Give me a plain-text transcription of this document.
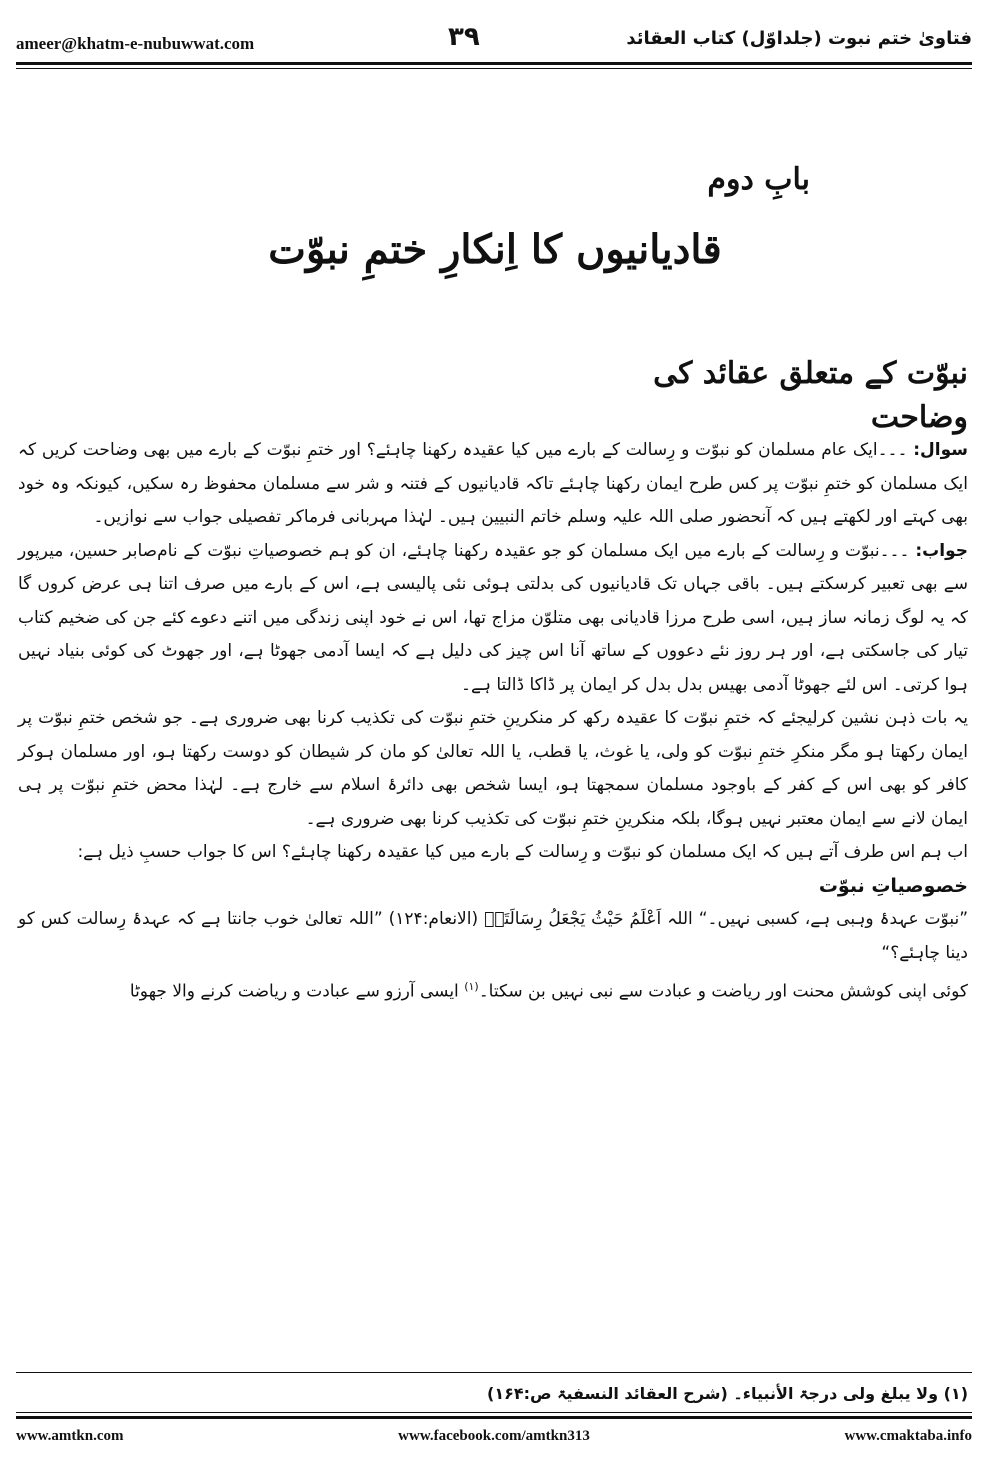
ameer@khatm-e-nubuwwat.com	۳۹	فتاویٰ ختم نبوت (جلداوّل) کتاب العقائد
بابِ دوم
قادیانیوں کا اِنکارِ ختمِ نبوّت
نبوّت کے متعلق عقائد کی وضاحت

سوال: ۔۔۔ایک عام مسلمان کو نبوّت و رِسالت کے بارے میں کیا عقیدہ رکھنا چاہئے؟ اور ختمِ نبوّت کے بارے میں بھی وضاحت کریں کہ ایک مسلمان کو ختمِ نبوّت پر کس طرح ایمان رکھنا چاہئے تاکہ قادیانیوں کے فتنہ و شر سے مسلمان محفوظ رہ سکیں، کیونکہ وہ خود بھی کہتے اور لکھتے ہیں کہ آنحضور صلی اللہ علیہ وسلم خاتم النبیین ہیں۔ لہٰذا مہربانی فرماکر تفصیلی جواب سے نوازیں۔
صابر حسین، میرپور	جواب: ۔۔۔نبوّت و رِسالت کے بارے میں ایک مسلمان کو جو عقیدہ رکھنا چاہئے، ان کو ہم خصوصیاتِ نبوّت کے نام سے بھی تعبیر کرسکتے ہیں۔ باقی جہاں تک قادیانیوں کی بدلتی ہوئی نئی پالیسی ہے، اس کے بارے میں صرف اتنا ہی عرض کروں گا کہ یہ لوگ زمانہ ساز ہیں، اسی طرح مرزا قادیانی بھی متلوّن مزاج تھا، اس نے خود اپنی زندگی میں اتنے دعوے کئے جن کی ضخیم کتاب تیار کی جاسکتی ہے، اور ہر روز نئے دعووں کے ساتھ آنا اس چیز کی دلیل ہے کہ ایسا آدمی جھوٹا ہے، اور جھوٹ کی کوئی بنیاد نہیں ہوا کرتی۔ اس لئے جھوٹا آدمی بھیس بدل بدل کر ایمان پر ڈاکا ڈالتا ہے۔

یہ بات ذہن نشین کرلیجئے کہ ختمِ نبوّت کا عقیدہ رکھ کر منکرینِ ختمِ نبوّت کی تکذیب کرنا بھی ضروری ہے۔ جو شخص ختمِ نبوّت پر ایمان رکھتا ہو مگر منکرِ ختمِ نبوّت کو ولی، یا غوث، یا قطب، یا اللہ تعالیٰ کو مان کر شیطان کو دوست رکھتا ہو، اور مسلمان ہوکر کافر کو بھی اس کے کفر کے باوجود مسلمان سمجھتا ہو، ایسا شخص بھی دائرۂ اسلام سے خارج ہے۔ لہٰذا محض ختمِ نبوّت پر ہی ایمان لانے سے ایمان معتبر نہیں ہوگا، بلکہ منکرینِ ختمِ نبوّت کی تکذیب کرنا بھی ضروری ہے۔

اب ہم اس طرف آتے ہیں کہ ایک مسلمان کو نبوّت و رِسالت کے بارے میں کیا عقیدہ رکھنا چاہئے؟ اس کا جواب حسبِ ذیل ہے:

خصوصیاتِ نبوّت

”نبوّت عہدۂ وہبی ہے، کسبی نہیں۔“ اللہ اَعْلَمُ حَیْثُ یَجْعَلُ رِسَالَتَہٗ (الانعام:۱۲۴) ”اللہ تعالیٰ خوب جانتا ہے کہ عہدۂ رِسالت کس کو دینا چاہئے؟“

کوئی اپنی کوشش محنت اور ریاضت و عبادت سے نبی نہیں بن سکتا۔$^{(۱)}$ ایسی آرزو سے عبادت و ریاضت کرنے والا جھوٹا

(۱) ولا یبلغ ولی درجۃ الأنبیاء۔ (شرح العقائد النسفیۃ ص:۱۶۴)
www.amtkn.com	www.facebook.com/amtkn313	www.cmaktaba.info
